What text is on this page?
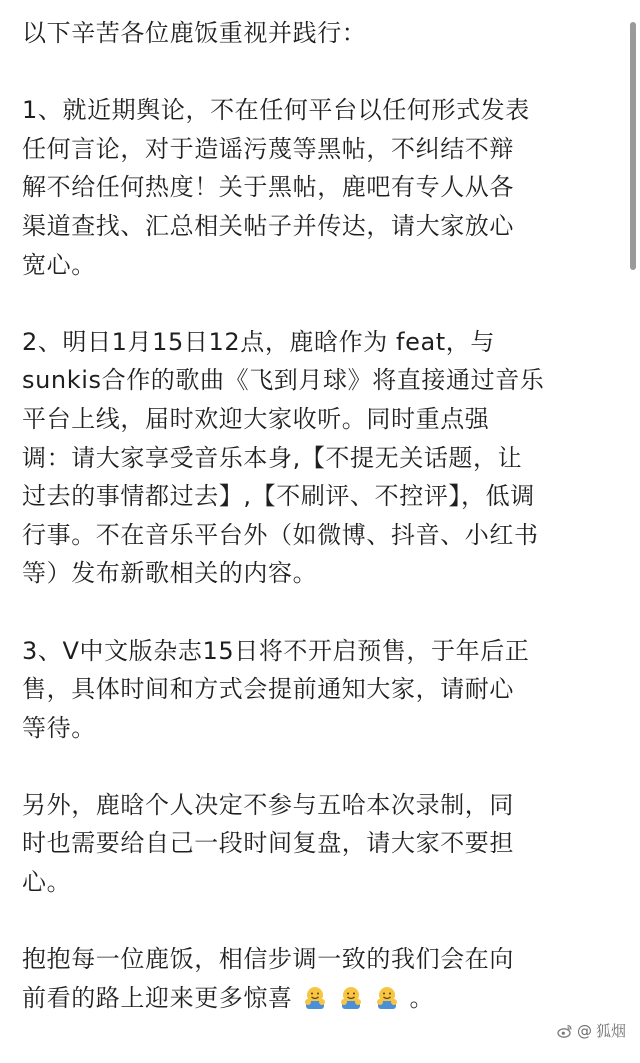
以下辛苦各位鹿饭重视并践行：
1、就近期舆论，不在任何平台以任何形式发表
任何言论，对于造谣污蔑等黑帖，不纠结不辩
解不给任何热度！关于黑帖，鹿吧有专人从各
渠道查找、汇总相关帖子并传达，请大家放心
宽心。
2、明日1月15日12点，鹿晗作为 feat，与
sunkis合作的歌曲《飞到月球》将直接通过音乐
平台上线，届时欢迎大家收听。同时重点强
调：请大家享受音乐本身,【不提无关话题，让
过去的事情都过去】,【不刷评、不控评】，低调
行事。不在音乐平台外（如微博、抖音、小红书
等）发布新歌相关的内容。
3、V中文版杂志15日将不开启预售，于年后正
售，具体时间和方式会提前通知大家，请耐心
等待。
另外，鹿晗个人决定不参与五哈本次录制，同
时也需要给自己一段时间复盘，请大家不要担
心。
抱抱每一位鹿饭，相信步调一致的我们会在向
前看的路上迎来更多惊喜	。
@ 狐烟
